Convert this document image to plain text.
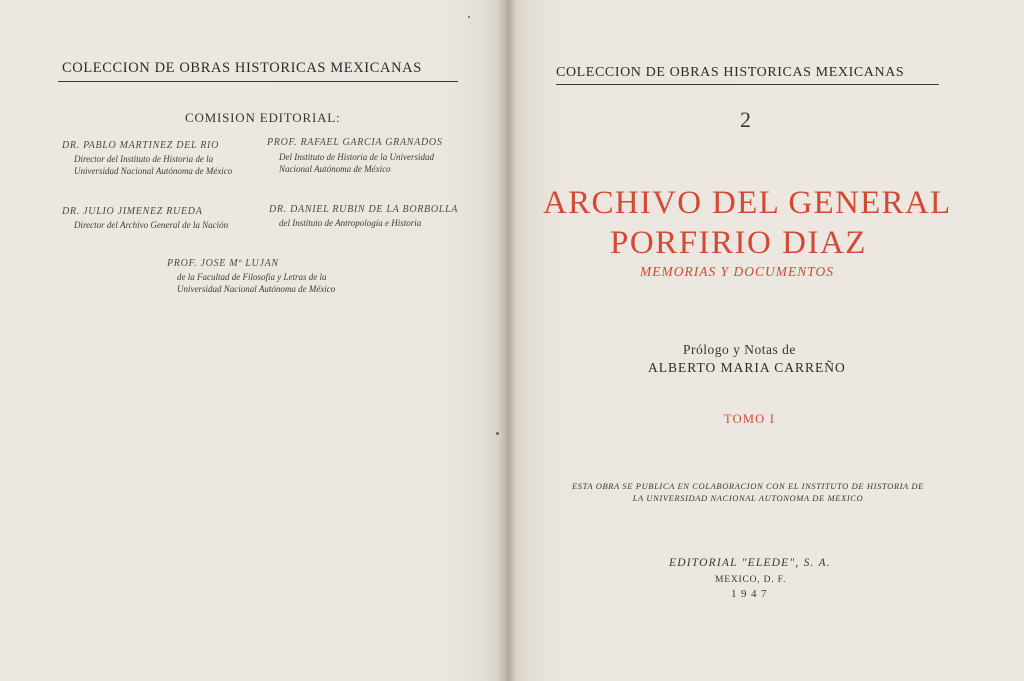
COLECCION DE OBRAS HISTORICAS MEXICANAS
COMISION EDITORIAL:
DR. PABLO MARTINEZ DEL RIO
Director del Instituto de Historia de la Universidad Nacional Autónoma de México
PROF. RAFAEL GARCIA GRANADOS
Del Instituto de Historia de la Universidad Nacional Autónoma de México
DR. JULIO JIMENEZ RUEDA
Director del Archivo General de la Nación
DR. DANIEL RUBIN DE LA BORBOLLA
del Instituto de Antropología e Historia
PROF. JOSE Mº LUJAN
de la Facultad de Filosofía y Letras de la Universidad Nacional Autónoma de México
COLECCION DE OBRAS HISTORICAS MEXICANAS
2
ARCHIVO DEL GENERAL
PORFIRIO DIAZ
MEMORIAS Y DOCUMENTOS
Prólogo y Notas de
ALBERTO MARIA CARREÑO
TOMO I
ESTA OBRA SE PUBLICA EN COLABORACION CON EL INSTITUTO DE HISTORIA DE LA UNIVERSIDAD NACIONAL AUTONOMA DE MEXICO
EDITORIAL "ELEDE", S. A.
MEXICO, D. F.
1947
